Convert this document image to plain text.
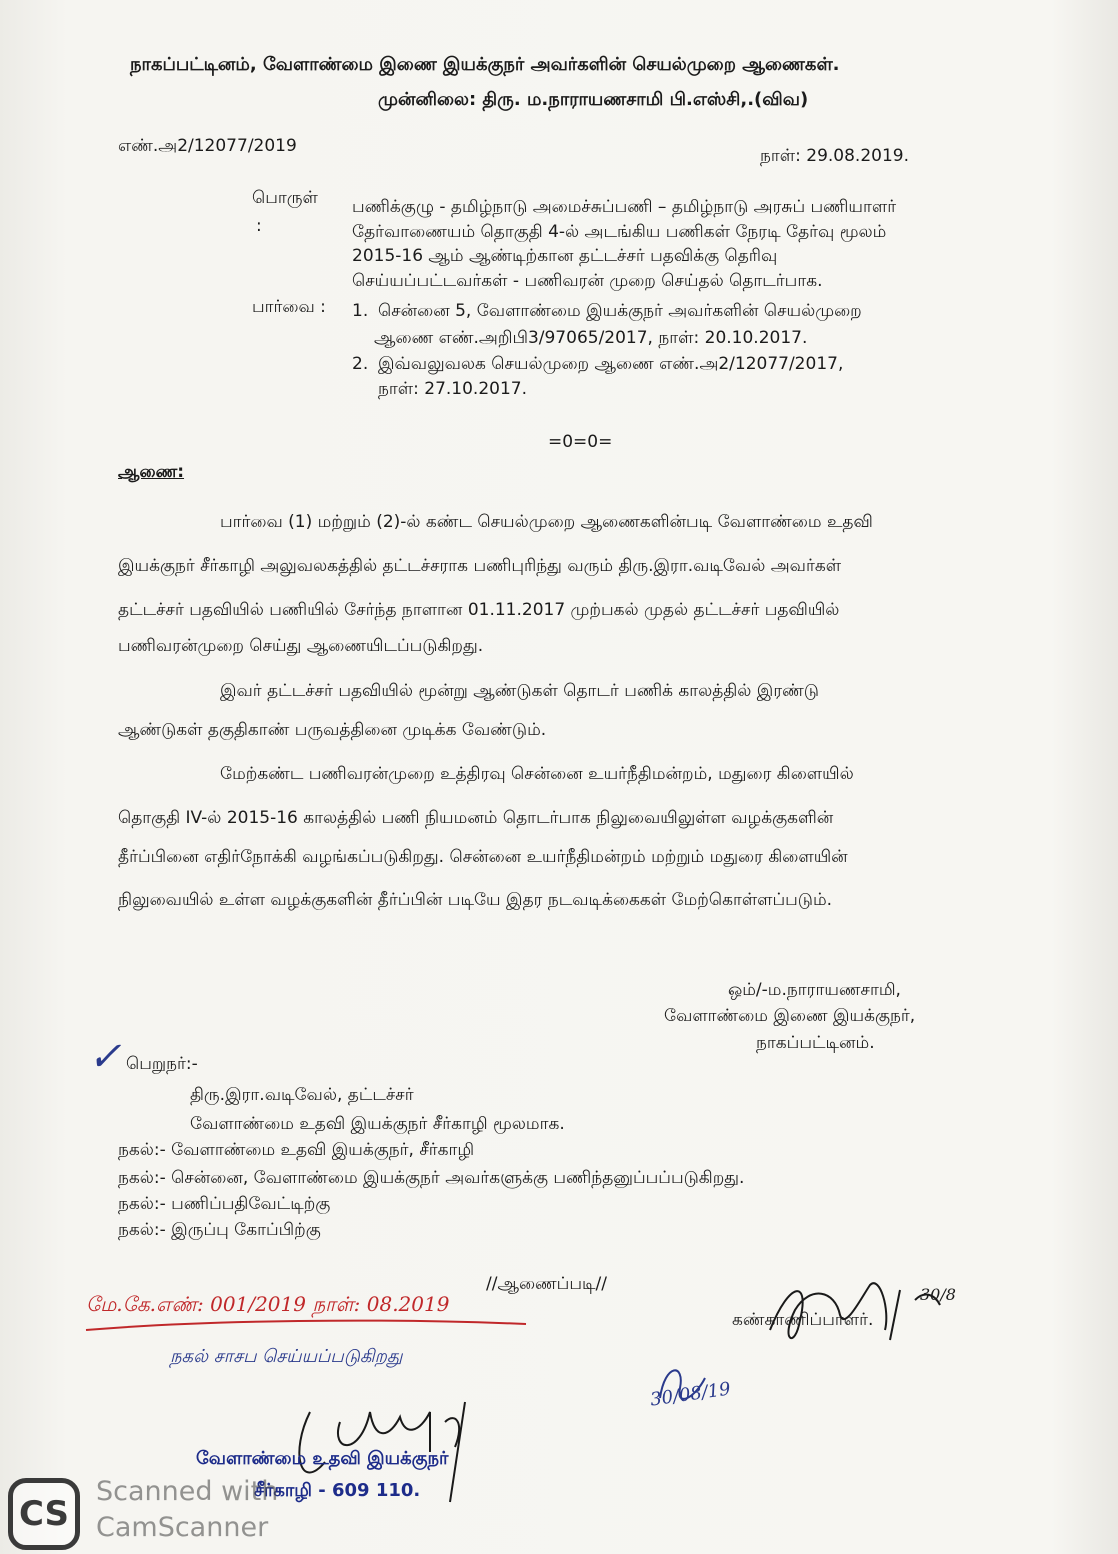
நாகப்பட்டினம், வேளாண்மை இணை இயக்குநர் அவர்களின் செயல்முறை ஆணைகள்.
முன்னிலை: திரு. ம.நாராயணசாமி பி.எஸ்சி,.(விவ)
எண்.அ2/12077/2019	நாள்: 29.08.2019.
பொருள்
:
பணிக்குழு - தமிழ்நாடு அமைச்சுப்பணி – தமிழ்நாடு அரசுப் பணியாளர்
தேர்வாணையம் தொகுதி 4-ல் அடங்கிய பணிகள் நேரடி தேர்வு மூலம்
2015-16 ஆம் ஆண்டிற்கான தட்டச்சர் பதவிக்கு தெரிவு
செய்யப்பட்டவர்கள் - பணிவரன் முறை செய்தல் தொடர்பாக.
பார்வை : 1. சென்னை 5, வேளாண்மை இயக்குநர் அவர்களின் செயல்முறை
ஆணை எண்.அறிபி3/97065/2017, நாள்: 20.10.2017.
2. இவ்வலுவலக செயல்முறை ஆணை எண்.அ2/12077/2017,
நாள்: 27.10.2017.
=0=0=
ஆணை:
பார்வை (1) மற்றும் (2)-ல் கண்ட செயல்முறை ஆணைகளின்படி வேளாண்மை உதவி
இயக்குநர் சீர்காழி அலுவலகத்தில் தட்டச்சராக பணிபுரிந்து வரும் திரு.இரா.வடிவேல் அவர்கள்
தட்டச்சர் பதவியில் பணியில் சேர்ந்த நாளான 01.11.2017 முற்பகல் முதல் தட்டச்சர் பதவியில்
பணிவரன்முறை செய்து ஆணையிடப்படுகிறது.
இவர் தட்டச்சர் பதவியில் மூன்று ஆண்டுகள் தொடர் பணிக் காலத்தில் இரண்டு
ஆண்டுகள் தகுதிகாண் பருவத்தினை முடிக்க வேண்டும்.
மேற்கண்ட பணிவரன்முறை உத்திரவு சென்னை உயர்நீதிமன்றம், மதுரை கிளையில்
தொகுதி IV-ல் 2015-16 காலத்தில் பணி நியமனம் தொடர்பாக நிலுவையிலுள்ள வழக்குகளின்
தீர்ப்பினை எதிர்நோக்கி வழங்கப்படுகிறது. சென்னை உயர்நீதிமன்றம் மற்றும் மதுரை கிளையின்
நிலுவையில் உள்ள வழக்குகளின் தீர்ப்பின் படியே இதர நடவடிக்கைகள் மேற்கொள்ளப்படும்.
ஒம்/-ம.நாராயணசாமி,
வேளாண்மை இணை இயக்குநர்,
நாகப்பட்டினம்.
✓ பெறுநர்:-
திரு.இரா.வடிவேல், தட்டச்சர்
வேளாண்மை உதவி இயக்குநர் சீர்காழி மூலமாக.
நகல்:- வேளாண்மை உதவி இயக்குநர், சீர்காழி
நகல்:- சென்னை, வேளாண்மை இயக்குநர் அவர்களுக்கு பணிந்தனுப்பப்படுகிறது.
நகல்:- பணிப்பதிவேட்டிற்கு
நகல்:- இருப்பு கோப்பிற்கு
//ஆணைப்படி//
கண்காணிப்பாளர்.
30/8
மே.கே.எண்: 001/2019 நாள்: 08.2019
நகல் சாசப செய்யப்படுகிறது
30/08/19
வேளாண்மை உதவி இயக்குநர்
சீர்காழி - 609 110.
CS
Scanned with
CamScanner
